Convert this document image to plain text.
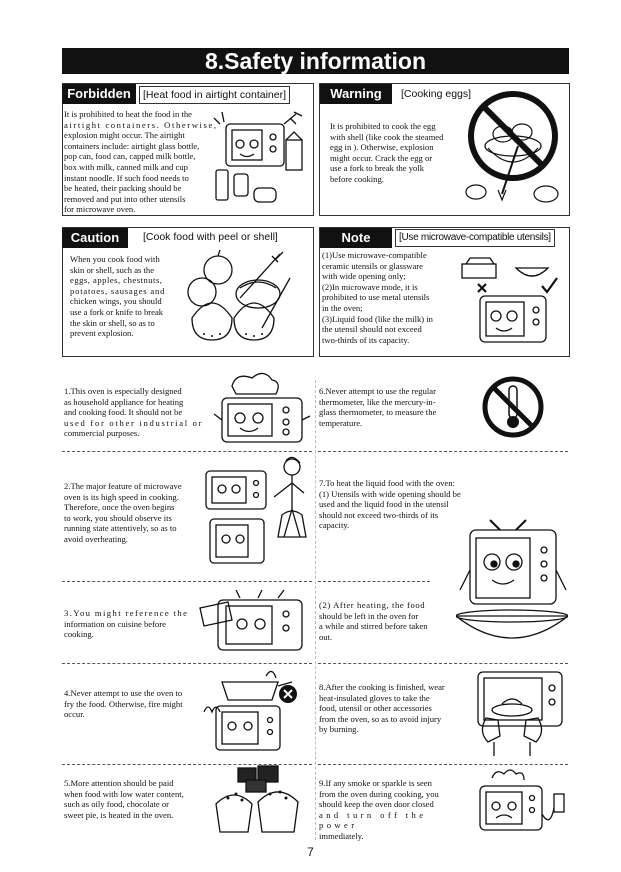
8.Safety information
Forbidden	[Heat food in airtight container]

It is prohibited to heat the food in the

airtight containers. Otherwise,

explosion might occur. The airtight

containers include: airtight glass bottle,

pop can, food can, capped milk bottle,

box with milk, canned milk and cup

instant noodle. If such food needs to

be heated, their packing should be

removed and put into other utensils

for microwave oven.

Warning	[Cooking eggs]

It is prohibited to cook the egg

with shell (like cook the steamed

egg in ). Otherwise, explosion

might occur. Crack the egg or

use a fork to break the yolk

before cooking.

Caution	[Cook food with peel or shell]

When you cook food with

skin or shell, such as the

eggs, apples, chestnuts,

potatoes, sausages and

chicken wings, you should

use a fork or knife to break

the skin or shell, so as to

prevent explosion.

Note	[Use microwave-compatible utensils]

(1)Use microwave-compatible

ceramic utensils or glassware

with wide opening only;

(2)In microwave mode, it is

prohibited to use metal utensils

in the oven;

(3)Liquid food (like the milk) in

the utensil should not exceed

two-thirds of its capacity.

1.This oven is especially designed

as household appliance for heating

and cooking food. It should not be

used for other industrial or

commercial purposes.

2.The major feature of microwave

oven is its high speed in cooking.

Therefore, once the oven begins

to work, you should observe its

running state attentively, so as to

avoid overheating.

3.You might reference the

information on cuisine before

cooking.

4.Never attempt to use the oven to

fry the food. Otherwise, fire might

occur.

5.More attention should be paid

when food with low water content,

such as oily food, chocolate or

sweet pie, is heated in the oven.

6.Never attempt to use the regular

thermometer, like the mercury-in-

glass thermometer, to measure the

temperature.

7.To heat the liquid food with the oven:

(1) Utensils with wide opening should be

used and the liquid food in the utensil

should not exceed two-thirds of its

capacity.

(2) After heating, the food

should be left in the oven for

a while and stirred before taken

out.

8.After the cooking is finished, wear

heat-insulated gloves to take the

food, utensil or other accessories

from the oven, so as to avoid injury

by burning.

9.If any smoke or sparkle is seen

from the oven during cooking, you

should keep the oven door closed

and turn off the power

immediately.

7
